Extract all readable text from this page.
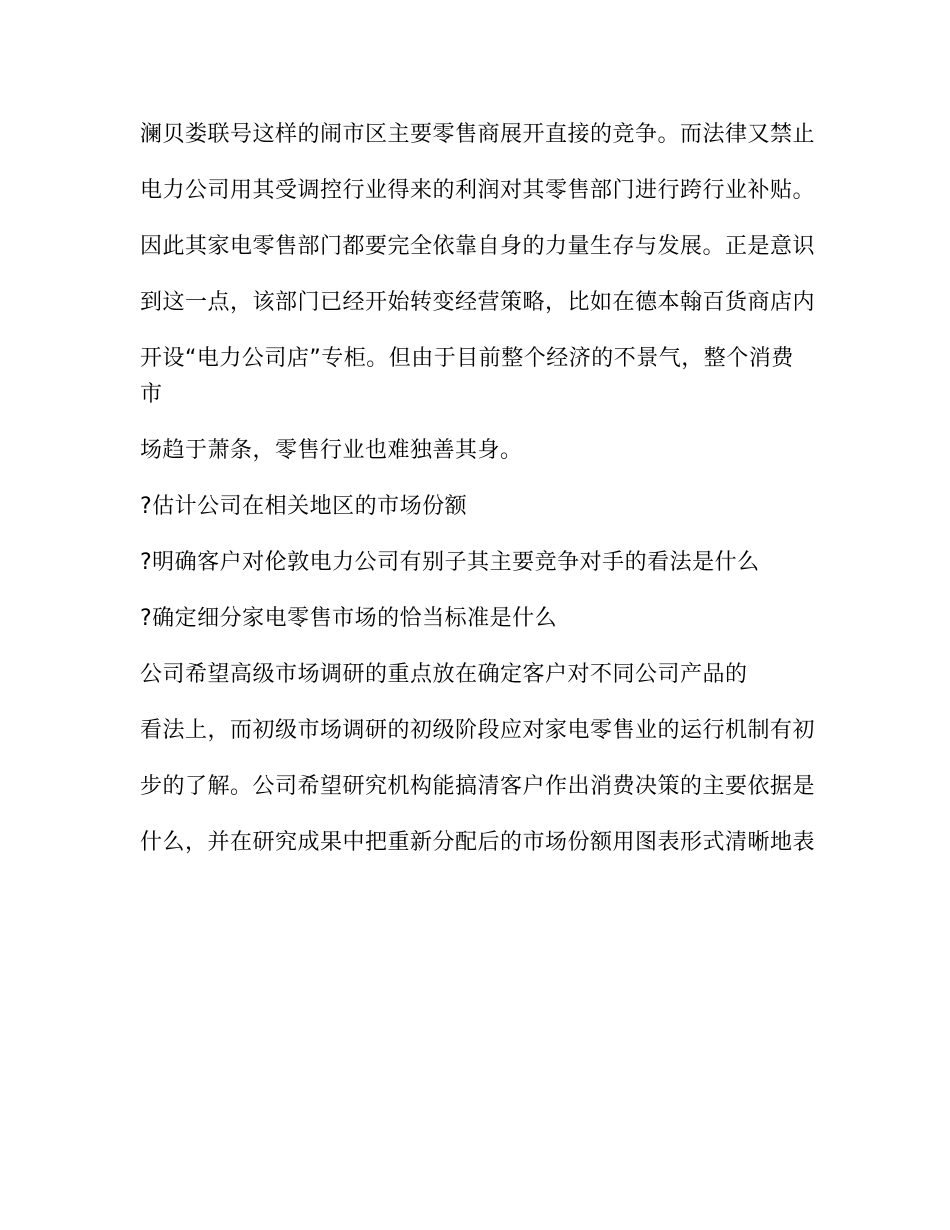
澜贝娄联号这样的闹市区主要零售商展开直接的竞争。而法律又禁止

电力公司用其受调控行业得来的利润对其零售部门进行跨行业补贴。

因此其家电零售部门都要完全依靠自身的力量生存与发展。正是意识

到这一点，该部门已经开始转变经营策略，比如在德本翰百货商店内

开设“电力公司店”专柜。但由于目前整个经济的不景气，整个消费市

场趋于萧条，零售行业也难独善其身。

?估计公司在相关地区的市场份额

?明确客户对伦敦电力公司有别子其主要竞争对手的看法是什么

?确定细分家电零售市场的恰当标准是什么

公司希望高级市场调研的重点放在确定客户对不同公司产品的

看法上，而初级市场调研的初级阶段应对家电零售业的运行机制有初

步的了解。公司希望研究机构能搞清客户作出消费决策的主要依据是

什么，并在研究成果中把重新分配后的市场份额用图表形式清晰地表
